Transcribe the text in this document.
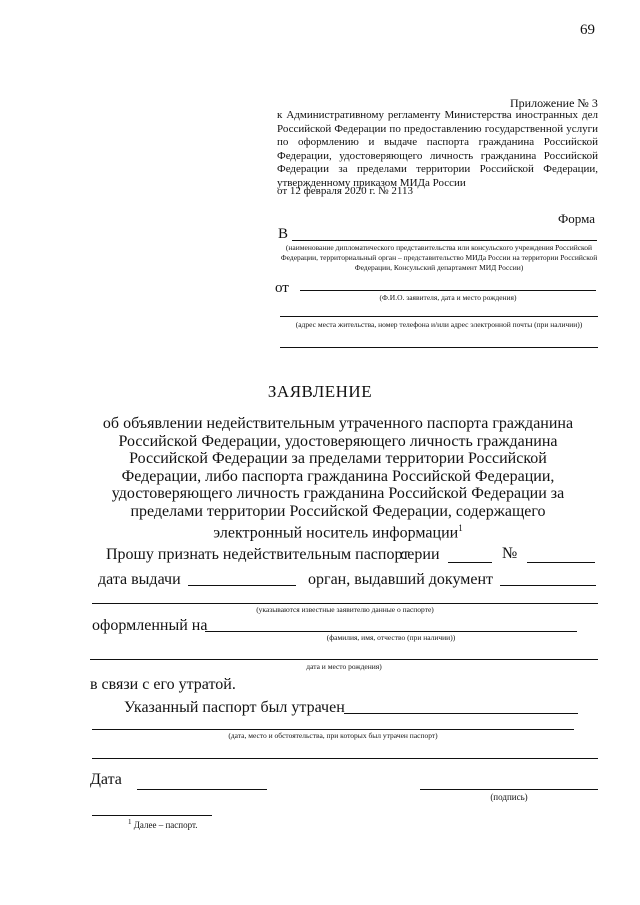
69
Приложение № 3
к Административному регламенту Министерства иностранных дел Российской Федерации по предоставлению государственной услуги по оформлению и выдаче паспорта гражданина Российской Федерации, удостоверяющего личность гражданина Российской Федерации за пределами территории Российской Федерации, утвержденному приказом МИДа России
от 12 февраля 2020 г. № 2113
Форма
В
(наименование дипломатического представительства или консульского учреждения Российской Федерации, территориальный орган – представительство МИДа России на территории Российской Федерации, Консульский департамент МИД России)
от
(Ф.И.О. заявителя, дата и место рождения)
(адрес места жительства, номер телефона и/или адрес электронной почты (при наличии))
ЗАЯВЛЕНИЕ
об объявлении недействительным утраченного паспорта гражданина Российской Федерации, удостоверяющего личность гражданина Российской Федерации за пределами территории Российской Федерации, либо паспорта гражданина Российской Федерации, удостоверяющего личность гражданина Российской Федерации за пределами территории Российской Федерации, содержащего электронный носитель информации$^1$
Прошу признать недействительным паспорт
серии	№
дата выдачи	орган, выдавший документ
(указываются известные заявителю данные о паспорте)
оформленный на
(фамилия, имя, отчество (при наличии))
дата и место рождения)
в связи с его утратой.
Указанный паспорт был утрачен
(дата, место и обстоятельства, при которых был утрачен паспорт)
Дата
(подпись)
$^1$ Далее – паспорт.
